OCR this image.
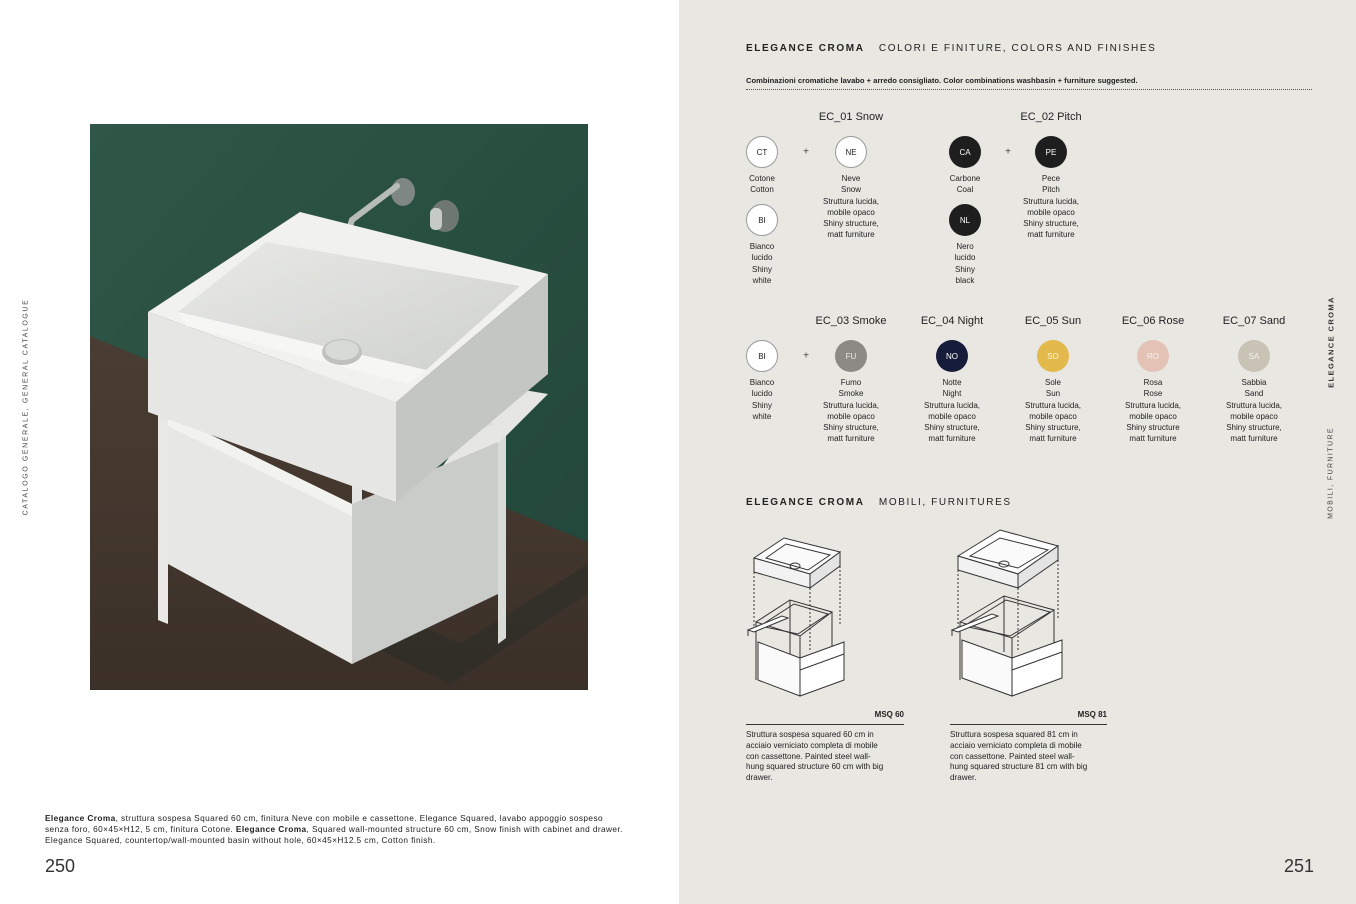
CATALOGO GENERALE, GENERAL CATALOGUE
Elegance Croma, struttura sospesa Squared 60 cm, finitura Neve con mobile e cassettone. Elegance Squared, lavabo appoggio sospeso senza foro, 60×45×H12, 5 cm, finitura Cotone. Elegance Croma, Squared wall-mounted structure 60 cm, Snow finish with cabinet and drawer. Elegance Squared, countertop/wall-mounted basin without hole, 60×45×H12.5 cm, Cotton finish.
250
ELEGANCE CROMA COLORI E FINITURE, COLORS AND FINISHES
Combinazioni cromatiche lavabo + arredo consigliato. Color combinations washbasin + furniture suggested.
EC_01 Snow	EC_02 Pitch
CT
Cotone
Cotton
+	NE
Neve
Snow
Struttura lucida,
mobile opaco
Shiny structure,
matt furniture
BI
Bianco
lucido
Shiny
white
CA
Carbone
Coal
+	PE
Pece
Pitch
Struttura lucida,
mobile opaco
Shiny structure,
matt furniture
NL
Nero
lucido
Shiny
black
BI
Bianco
lucido
Shiny
white
+
EC_03 Smoke
FU
Fumo
Smoke
Struttura lucida,
mobile opaco
Shiny structure,
matt furniture
EC_04 Night
NO
Notte
Night
Struttura lucida,
mobile opaco
Shiny structure,
matt furniture
EC_05 Sun
SO
Sole
Sun
Struttura lucida,
mobile opaco
Shiny structure,
matt furniture
EC_06 Rose
RO
Rosa
Rose
Struttura lucida,
mobile opaco
Shiny structure
matt furniture
EC_07 Sand
SA
Sabbia
Sand
Struttura lucida,
mobile opaco
Shiny structure,
matt furniture
ELEGANCE CROMA MOBILI, FURNITURES
MSQ 60
Struttura sospesa squared 60 cm in
acciaio verniciato completa di mobile
con cassettone. Painted steel wall-
hung squared structure 60 cm with big
drawer.
MSQ 81
Struttura sospesa squared 81 cm in
acciaio verniciato completa di mobile
con cassettone. Painted steel wall-
hung squared structure 81 cm with big
drawer.
ELEGANCE CROMA
MOBILI, FURNITURE
251
